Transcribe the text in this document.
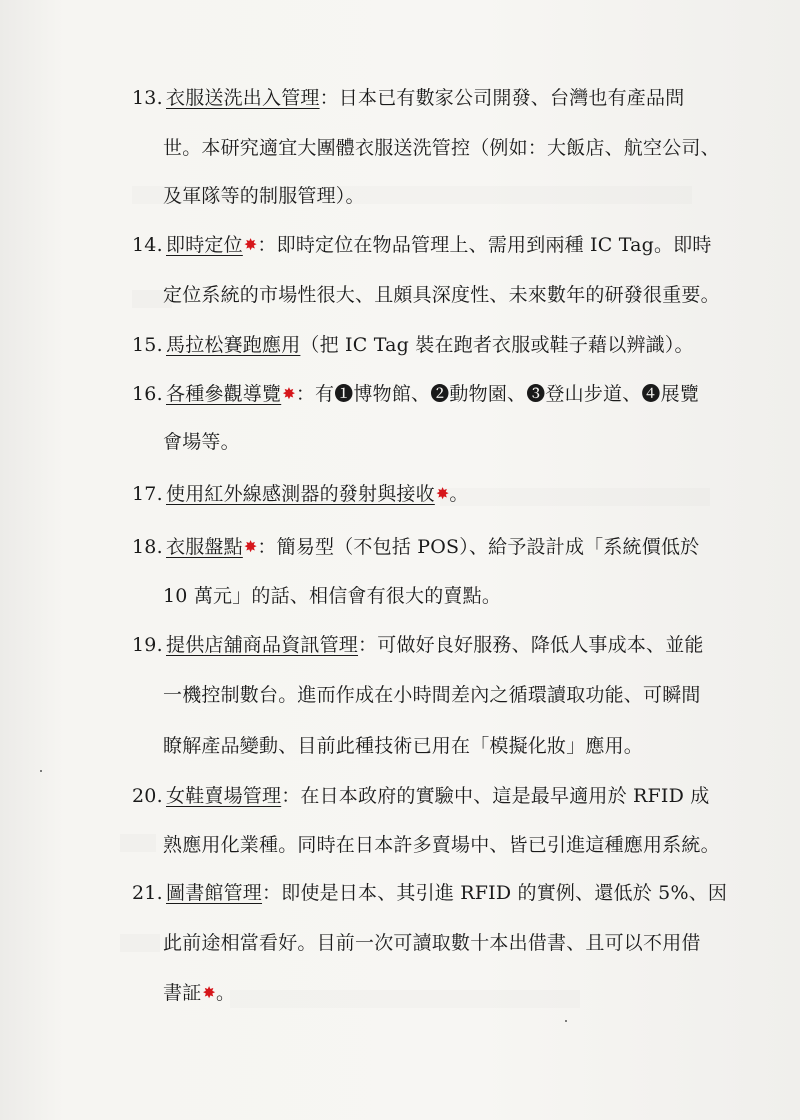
13. 衣服送洗出入管理：日本已有數家公司開發、台灣也有產品問
世。本研究適宜大團體衣服送洗管控（例如：大飯店、航空公司、
及軍隊等的制服管理）。
14. 即時定位✸：即時定位在物品管理上、需用到兩種 IC Tag。即時
定位系統的市場性很大、且頗具深度性、未來數年的研發很重要。
15. 馬拉松賽跑應用（把 IC Tag 裝在跑者衣服或鞋子藉以辨識）。
16. 各種參觀導覽✸：有❶博物館、❷動物園、❸登山步道、❹展覽
會場等。
17. 使用紅外線感測器的發射與接收✸。
18. 衣服盤點✸：簡易型（不包括 POS）、給予設計成「系統價低於
10 萬元」的話、相信會有很大的賣點。
19. 提供店舖商品資訊管理：可做好良好服務、降低人事成本、並能
一機控制數台。進而作成在小時間差內之循環讀取功能、可瞬間
瞭解產品變動、目前此種技術已用在「模擬化妝」應用。
20. 女鞋賣場管理：在日本政府的實驗中、這是最早適用於 RFID 成
熟應用化業種。同時在日本許多賣場中、皆已引進這種應用系統。
21. 圖書館管理：即使是日本、其引進 RFID 的實例、還低於 5%、因
此前途相當看好。目前一次可讀取數十本出借書、且可以不用借
書証✸。
